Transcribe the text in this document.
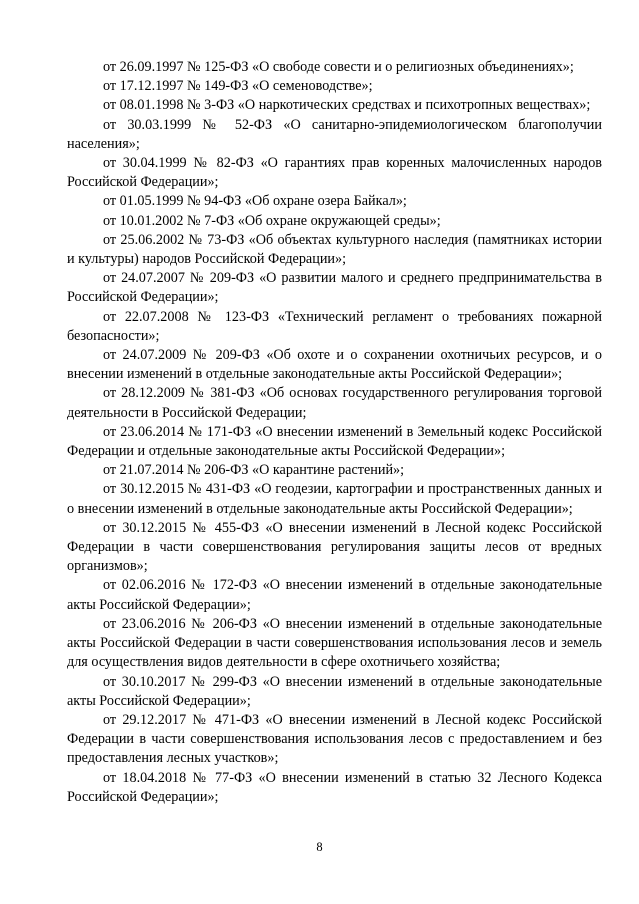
от 26.09.1997 № 125-ФЗ «О свободе совести и о религиозных объединениях»;

от 17.12.1997 № 149-ФЗ «О семеноводстве»;

от 08.01.1998 № 3-ФЗ «О наркотических средствах и психотропных веществах»;

от 30.03.1999 № 52-ФЗ «О санитарно-эпидемиологическом благополучии населения»;

от 30.04.1999 № 82-ФЗ «О гарантиях прав коренных малочисленных народов Российской Федерации»;

от 01.05.1999 № 94-ФЗ «Об охране озера Байкал»;

от 10.01.2002 № 7-ФЗ «Об охране окружающей среды»;

от 25.06.2002 № 73-ФЗ «Об объектах культурного наследия (памятниках истории и культуры) народов Российской Федерации»;

от 24.07.2007 № 209-ФЗ «О развитии малого и среднего предпринимательства в Российской Федерации»;

от 22.07.2008 № 123-ФЗ «Технический регламент о требованиях пожарной безопасности»;

от 24.07.2009 № 209-ФЗ «Об охоте и о сохранении охотничьих ресурсов, и о внесении изменений в отдельные законодательные акты Российской Федерации»;

от 28.12.2009 № 381-ФЗ «Об основах государственного регулирования торговой деятельности в Российской Федерации;

от 23.06.2014 № 171-ФЗ «О внесении изменений в Земельный кодекс Российской Федерации и отдельные законодательные акты Российской Федерации»;

от 21.07.2014 № 206-ФЗ «О карантине растений»;

от 30.12.2015 № 431-ФЗ «О геодезии, картографии и пространственных данных и о внесении изменений в отдельные законодательные акты Российской Федерации»;

от 30.12.2015 № 455-ФЗ «О внесении изменений в Лесной кодекс Российской Федерации в части совершенствования регулирования защиты лесов от вредных организмов»;

от 02.06.2016 № 172-ФЗ «О внесении изменений в отдельные законодательные акты Российской Федерации»;

от 23.06.2016 № 206-ФЗ «О внесении изменений в отдельные законодательные акты Российской Федерации в части совершенствования использования лесов и земель для осуществления видов деятельности в сфере охотничьего хозяйства;

от 30.10.2017 № 299-ФЗ «О внесении изменений в отдельные законодательные акты Российской Федерации»;

от 29.12.2017 № 471-ФЗ «О внесении изменений в Лесной кодекс Российской Федерации в части совершенствования использования лесов с предоставлением и без предоставления лесных участков»;

от 18.04.2018 № 77-ФЗ «О внесении изменений в статью 32 Лесного Кодекса Российской Федерации»;

8
